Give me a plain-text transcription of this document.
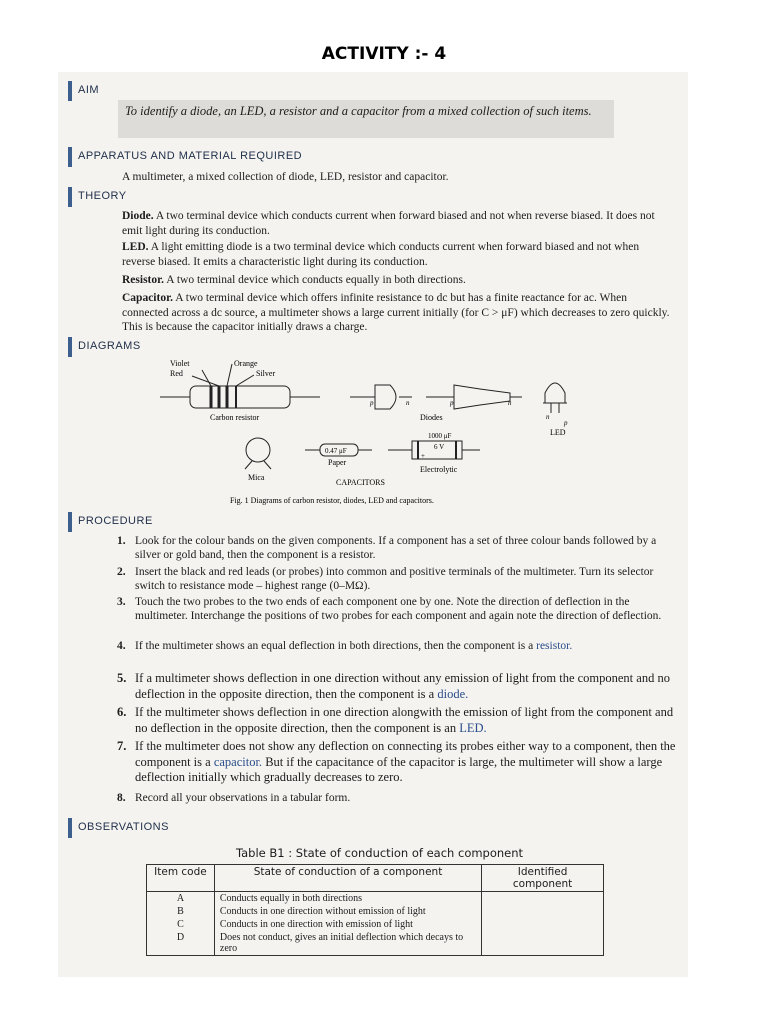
ACTIVITY :- 4
AIM
To identify a diode, an LED, a resistor and a capacitor from a mixed collection of such items.
APPARATUS AND MATERIAL REQUIRED
A multimeter, a mixed collection of diode, LED, resistor and capacitor.
THEORY
Diode. A two terminal device which conducts current when forward biased and not when reverse biased. It does not emit light during its conduction.
LED. A light emitting diode is a two terminal device which conducts current when forward biased and not when reverse biased. It emits a characteristic light during its conduction.
Resistor. A two terminal device which conducts equally in both directions.
Capacitor. A two terminal device which offers infinite resistance to dc but has a finite reactance for ac. When connected across a dc source, a multimeter shows a large current initially (for C > μF) which decreases to zero quickly. This is because the capacitor initially draws a charge.
DIAGRAMS
Violet
Red
Orange
Silver
Carbon resistor
p	n	p	n
Diodes	n
p
LED
Mica
0.47 μF
Paper
1000 μF
6 V
+
Electrolytic
CAPACITORS
Fig. 1 Diagrams of carbon resistor, diodes, LED and capacitors.
PROCEDURE
1. Look for the colour bands on the given components. If a component has a set of three colour bands followed by a silver or gold band, then the component is a resistor.
2. Insert the black and red leads (or probes) into common and positive terminals of the multimeter. Turn its selector switch to resistance mode – highest range (0–MΩ).
3. Touch the two probes to the two ends of each component one by one. Note the direction of deflection in the multimeter. Interchange the positions of two probes for each component and again note the direction of deflection.
4. If the multimeter shows an equal deflection in both directions, then the component is a resistor.
5. If a multimeter shows deflection in one direction without any emission of light from the component and no deflection in the opposite direction, then the component is a diode.
6. If the multimeter shows deflection in one direction alongwith the emission of light from the component and no deflection in the opposite direction, then the component is an LED.
7. If the multimeter does not show any deflection on connecting its probes either way to a component, then the component is a capacitor. But if the capacitance of the capacitor is large, the multimeter will show a large deflection initially which gradually decreases to zero.
8. Record all your observations in a tabular form.
OBSERVATIONS
Table B1 : State of conduction of each component
Item code	State of conduction of a component	Identified component
A	Conducts equally in both directions	
B	Conducts in one direction without emission of light	
C	Conducts in one direction with emission of light	
D	Does not conduct, gives an initial deflection which decays to zero	
